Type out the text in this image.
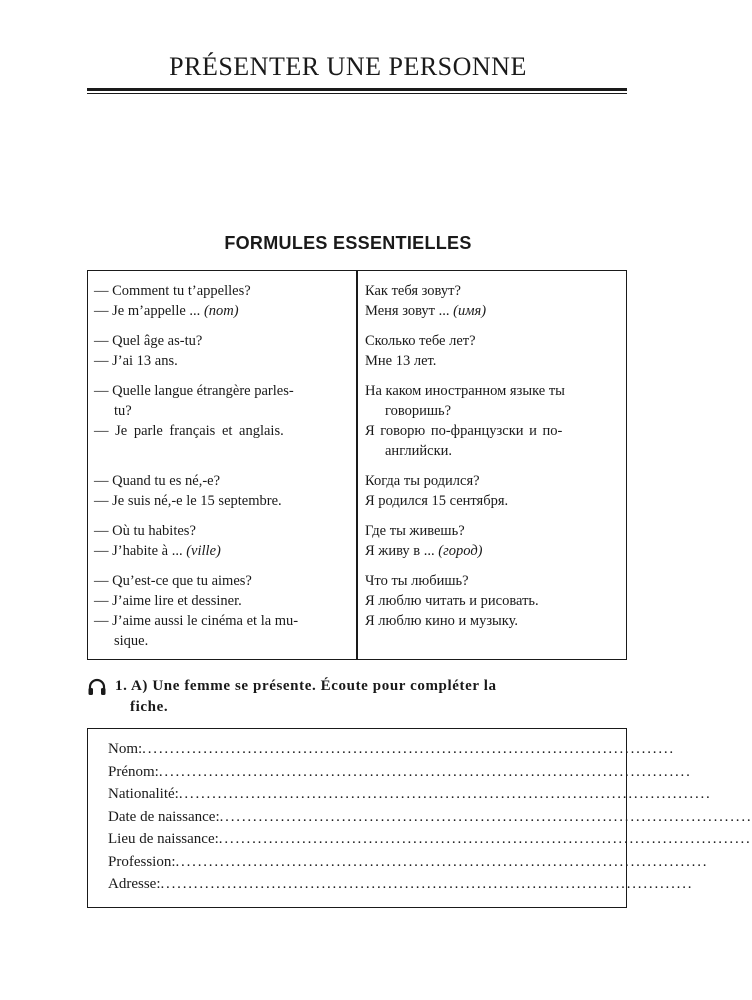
PRÉSENTER UNE PERSONNE
FORMULES ESSENTIELLES
— Comment tu t’appelles?
— Je m’appelle ... (nom)
— Quel âge as-tu?
— J’ai 13 ans.
— Quelle langue étrangère parles-
tu?
— Je parle français et anglais.

— Quand tu es né,-e?
— Je suis né,-e le 15 septembre.
— Où tu habites?
— J’habite à ... (ville)
— Qu’est-ce que tu aimes?
— J’aime lire et dessiner.
— J’aime aussi le cinéma et la mu-
sique.
Как тебя зовут?
Меня зовут ... (имя)
Сколько тебе лет?
Мне 13 лет.
На каком иностранном языке ты
говоришь?
Я говорю по-французски и по-
английски.
Когда ты родился?
Я родился 15 сентября.
Где ты живешь?
Я живу в ... (город)
Что ты любишь?
Я люблю читать и рисовать.
Я люблю кино и музыку.
1. A) Une femme se présente. Écoute pour compléter la
fiche.
Nom: ................................................................................................
Prénom: ................................................................................................
Nationalité: ................................................................................................
Date de naissance: ................................................................................................
Lieu de naissance: ................................................................................................
Profession: ................................................................................................
Adresse: ................................................................................................
